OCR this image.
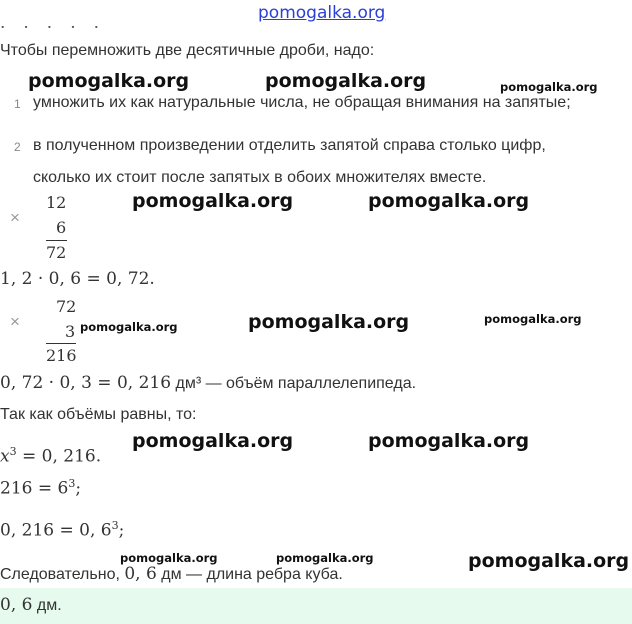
pomogalka.org
·····
Чтобы перемножить две десятичные дроби, надо:
pomogalka.org	pomogalka.org	pomogalka.org
1 умножить их как натуральные числа, не обращая внимания на запятые;
2 в полученном произведении отделить запятой справа столько цифр,
сколько их стоит после запятых в обоих множителях вместе.
×
12
6
72
pomogalka.org	pomogalka.org
1, 2 · 0, 6 = 0, 72.
×
72
3
216
pomogalka.org	pomogalka.org	pomogalka.org
0, 72 · 0, 3 = 0, 216 дм³ — объём параллелепипеда.
Так как объёмы равны, то:
pomogalka.org	pomogalka.org
$x^3 = 0$, 216.
$216 = 6^3$;
0, 216 = 0, $6^3$;
pomogalka.org	pomogalka.org	pomogalka.org
Следовательно, 0, 6 дм — длина ребра куба.
0, 6 дм.
